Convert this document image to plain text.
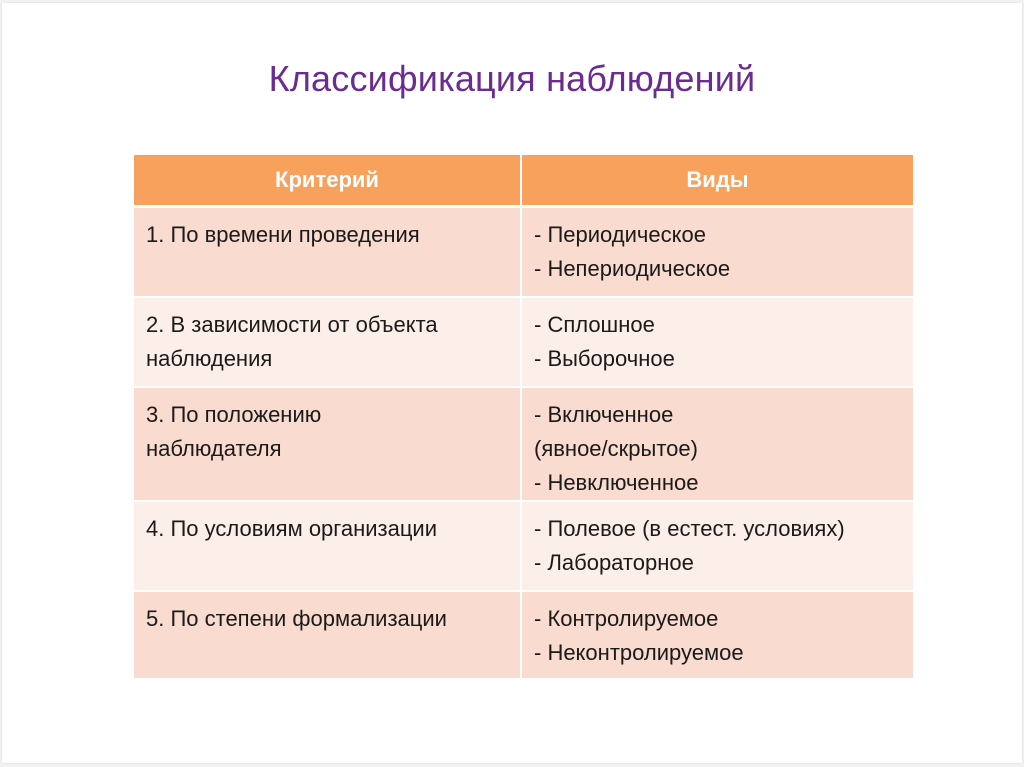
Классификация наблюдений
Критерий	Виды

1. По времени проведения	- Периодическое
- Непериодическое

2. В зависимости от объекта
наблюдения	- Сплошное
- Выборочное

3. По положению
наблюдателя	- Включенное
(явное/скрытое)
- Невключенное

4. По условиям организации	- Полевое (в естест. условиях)
- Лабораторное

5. По степени формализации	- Контролируемое
- Неконтролируемое
